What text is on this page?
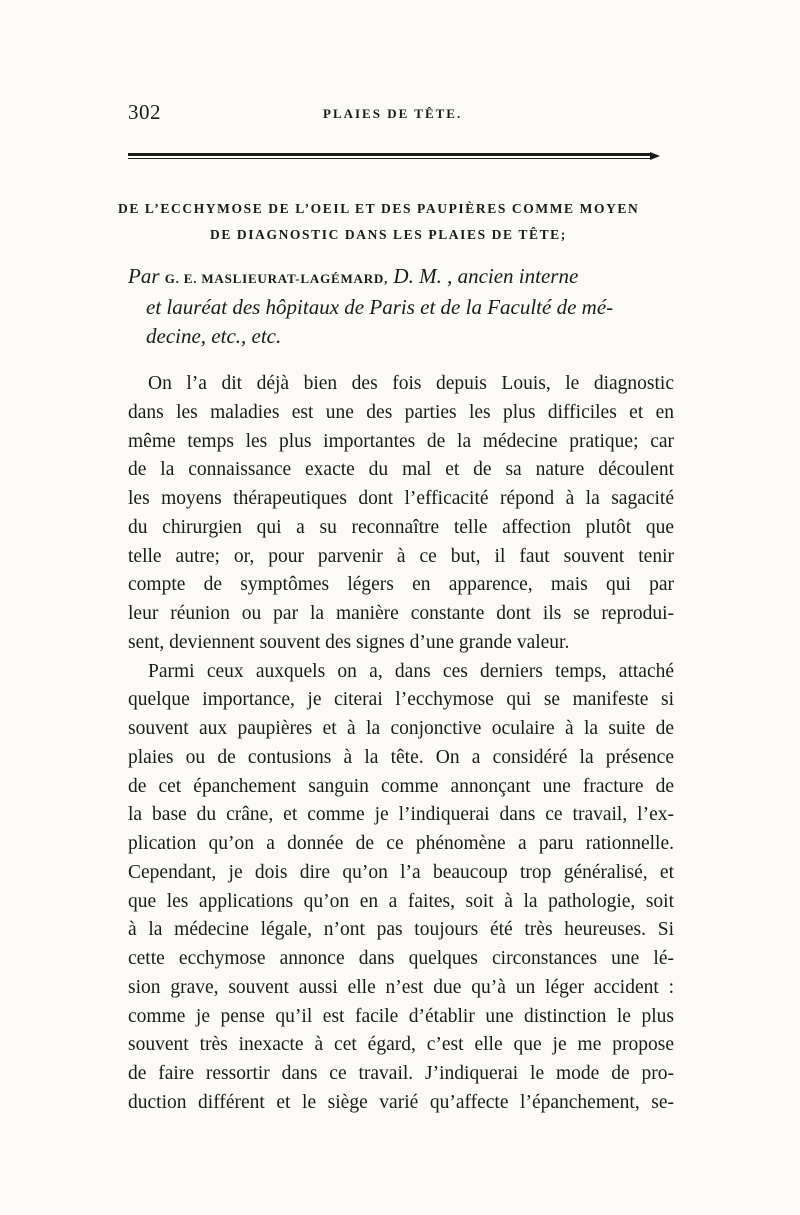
302	PLAIES DE TÊTE.
DE L’ECCHYMOSE DE L’OEIL ET DES PAUPIÈRES COMME MOYEN
DE DIAGNOSTIC DANS LES PLAIES DE TÊTE;
Par G. E. MASLIEURAT-LAGÉMARD, D. M. , ancien interne
et lauréat des hôpitaux de Paris et de la Faculté de mé-
decine, etc., etc.
On l’a dit déjà bien des fois depuis Louis, le diagnostic
dans les maladies est une des parties les plus difficiles et en
même temps les plus importantes de la médecine pratique; car
de la connaissance exacte du mal et de sa nature découlent
les moyens thérapeutiques dont l’efficacité répond à la sagacité
du chirurgien qui a su reconnaître telle affection plutôt que
telle autre; or, pour parvenir à ce but, il faut souvent tenir
compte de symptômes légers en apparence, mais qui par
leur réunion ou par la manière constante dont ils se reprodui-
sent, deviennent souvent des signes d’une grande valeur.
Parmi ceux auxquels on a, dans ces derniers temps, attaché
quelque importance, je citerai l’ecchymose qui se manifeste si
souvent aux paupières et à la conjonctive oculaire à la suite de
plaies ou de contusions à la tête. On a considéré la présence
de cet épanchement sanguin comme annonçant une fracture de
la base du crâne, et comme je l’indiquerai dans ce travail, l’ex-
plication qu’on a donnée de ce phénomène a paru rationnelle.
Cependant, je dois dire qu’on l’a beaucoup trop généralisé, et
que les applications qu’on en a faites, soit à la pathologie, soit
à la médecine légale, n’ont pas toujours été très heureuses. Si
cette ecchymose annonce dans quelques circonstances une lé-
sion grave, souvent aussi elle n’est due qu’à un léger accident :
comme je pense qu’il est facile d’établir une distinction le plus
souvent très inexacte à cet égard, c’est elle que je me propose
de faire ressortir dans ce travail. J’indiquerai le mode de pro-
duction différent et le siège varié qu’affecte l’épanchement, se-
